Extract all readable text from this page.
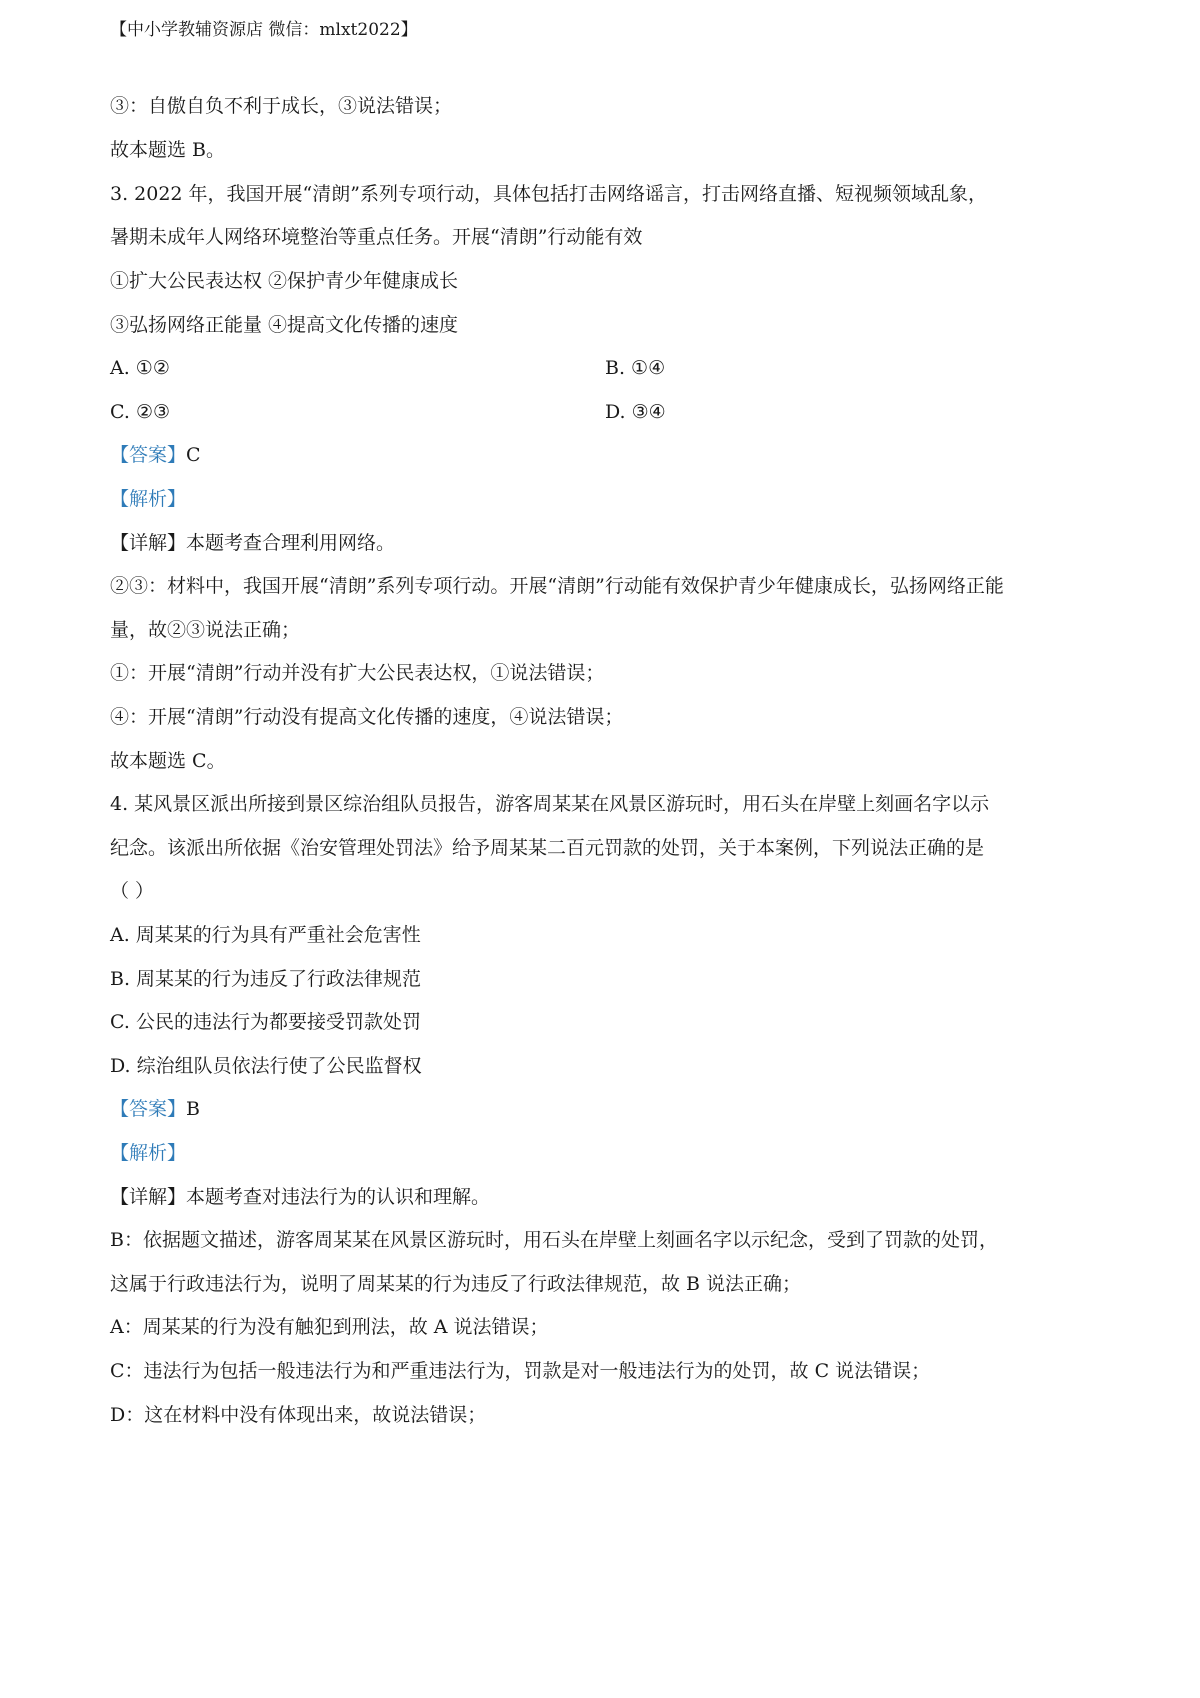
【中小学教辅资源店 微信：mlxt2022】
③：自傲自负不利于成长，③说法错误；
故本题选 B。
3. 2022 年，我国开展“清朗”系列专项行动，具体包括打击网络谣言，打击网络直播、短视频领域乱象，
暑期未成年人网络环境整治等重点任务。开展“清朗”行动能有效
①扩大公民表达权 ②保护青少年健康成长
③弘扬网络正能量 ④提高文化传播的速度
A. ①②	B. ①④
C. ②③	D. ③④
【答案】C
【解析】
【详解】本题考查合理利用网络。
②③：材料中，我国开展“清朗”系列专项行动。开展“清朗”行动能有效保护青少年健康成长，弘扬网络正能
量，故②③说法正确；
①：开展“清朗”行动并没有扩大公民表达权，①说法错误；
④：开展“清朗”行动没有提高文化传播的速度，④说法错误；
故本题选 C。
4. 某风景区派出所接到景区综治组队员报告，游客周某某在风景区游玩时，用石头在岸壁上刻画名字以示
纪念。该派出所依据《治安管理处罚法》给予周某某二百元罚款的处罚，关于本案例，下列说法正确的是
（ ）
A. 周某某的行为具有严重社会危害性
B. 周某某的行为违反了行政法律规范
C. 公民的违法行为都要接受罚款处罚
D. 综治组队员依法行使了公民监督权
【答案】B
【解析】
【详解】本题考查对违法行为的认识和理解。
B：依据题文描述，游客周某某在风景区游玩时，用石头在岸壁上刻画名字以示纪念，受到了罚款的处罚，
这属于行政违法行为，说明了周某某的行为违反了行政法律规范，故 B 说法正确；
A：周某某的行为没有触犯到刑法，故 A 说法错误；
C：违法行为包括一般违法行为和严重违法行为，罚款是对一般违法行为的处罚，故 C 说法错误；
D：这在材料中没有体现出来，故说法错误；
